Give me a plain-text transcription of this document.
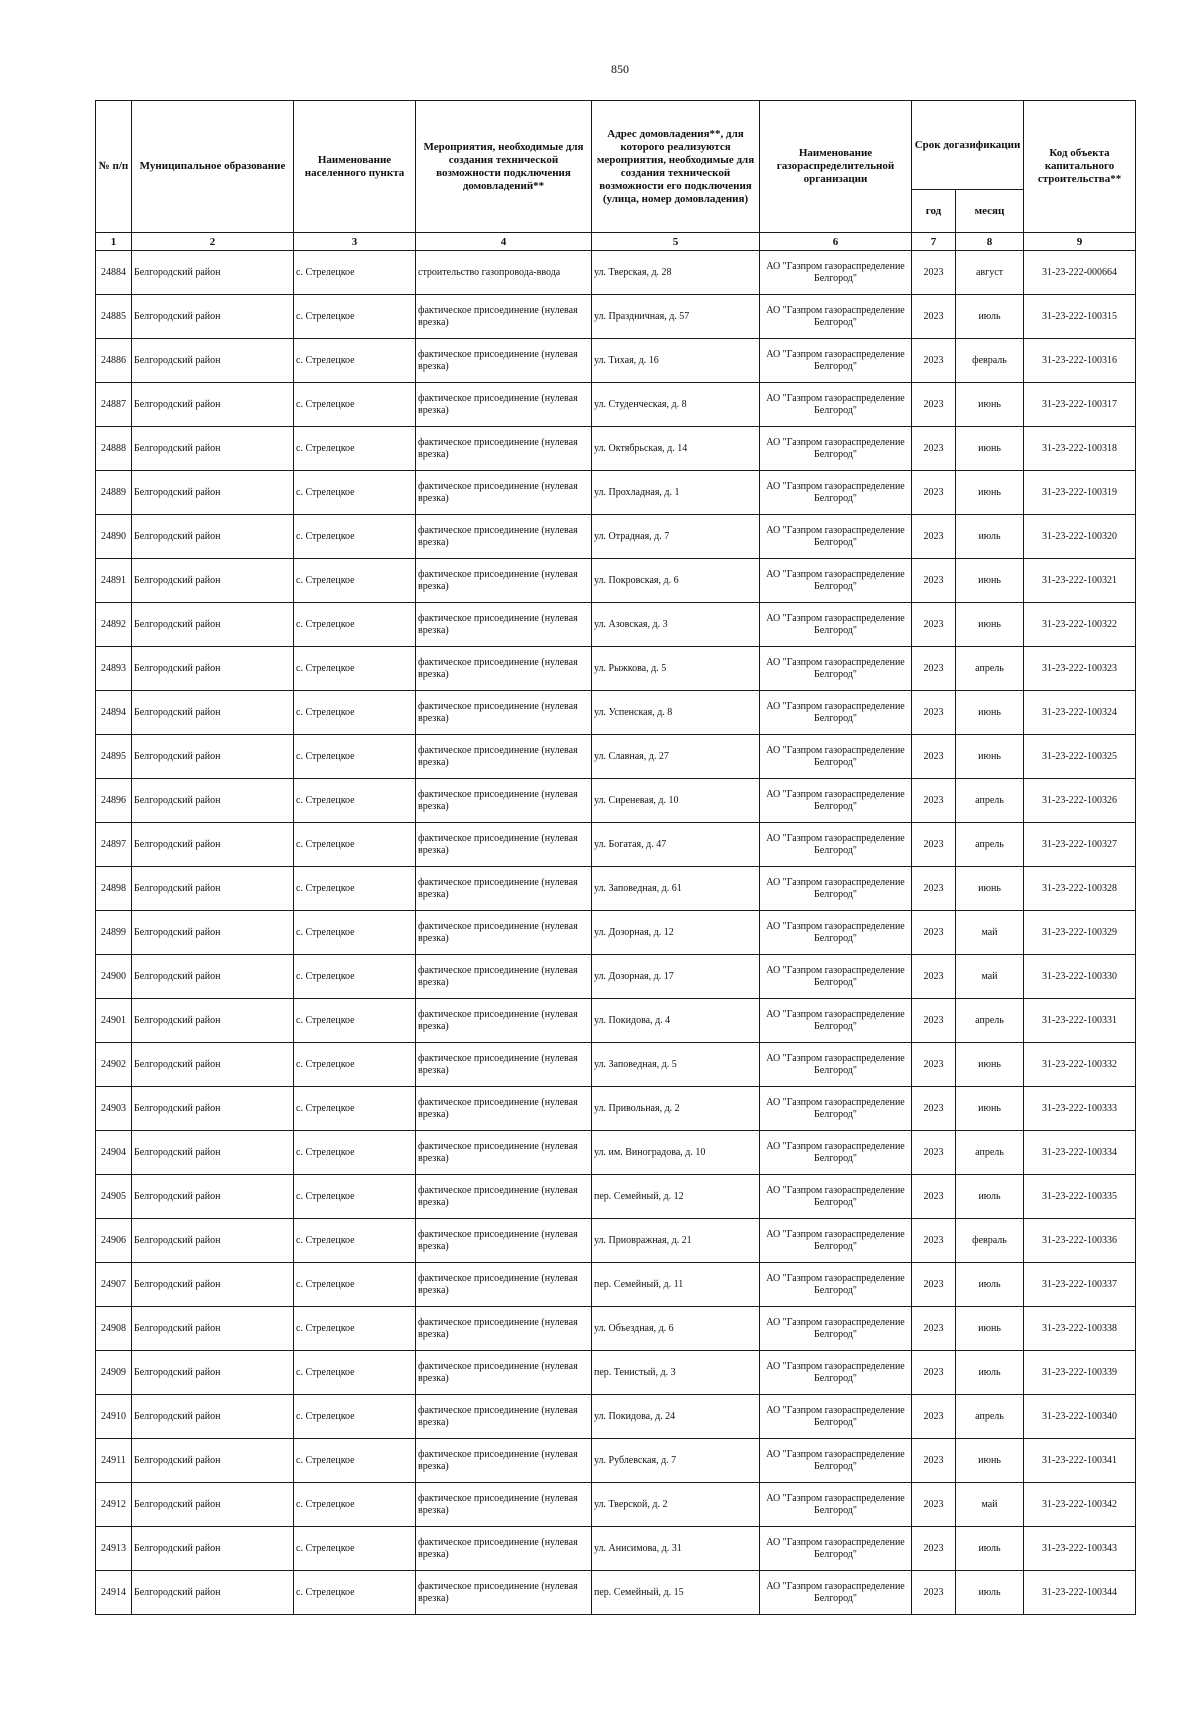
850
№ п/п	Муниципальное образование	Наименование населенного пункта	Мероприятия, необходимые для создания технической возможности подключения домовладений**	Адрес домовладения**, для которого реализуются мероприятия, необходимые для создания технической возможности его подключения (улица, номер домовладения)	Наименование газораспределительной организации	Срок догазификации		Код объекта капитального строительства**
						год	месяц	
1	2	3	4	5	6	7	8	9
24884	Белгородский район	с. Стрелецкое	строительство газопровода-ввода	ул. Тверская, д. 28	АО "Газпром газораспределение Белгород"	2023	август	31-23-222-000664
24885	Белгородский район	с. Стрелецкое	фактическое присоединение (нулевая врезка)	ул. Праздничная, д. 57	АО "Газпром газораспределение Белгород"	2023	июль	31-23-222-100315
24886	Белгородский район	с. Стрелецкое	фактическое присоединение (нулевая врезка)	ул. Тихая, д. 16	АО "Газпром газораспределение Белгород"	2023	февраль	31-23-222-100316
24887	Белгородский район	с. Стрелецкое	фактическое присоединение (нулевая врезка)	ул. Студенческая, д. 8	АО "Газпром газораспределение Белгород"	2023	июнь	31-23-222-100317
24888	Белгородский район	с. Стрелецкое	фактическое присоединение (нулевая врезка)	ул. Октябрьская, д. 14	АО "Газпром газораспределение Белгород"	2023	июнь	31-23-222-100318
24889	Белгородский район	с. Стрелецкое	фактическое присоединение (нулевая врезка)	ул. Прохладная, д. 1	АО "Газпром газораспределение Белгород"	2023	июнь	31-23-222-100319
24890	Белгородский район	с. Стрелецкое	фактическое присоединение (нулевая врезка)	ул. Отрадная, д. 7	АО "Газпром газораспределение Белгород"	2023	июль	31-23-222-100320
24891	Белгородский район	с. Стрелецкое	фактическое присоединение (нулевая врезка)	ул. Покровская, д. 6	АО "Газпром газораспределение Белгород"	2023	июнь	31-23-222-100321
24892	Белгородский район	с. Стрелецкое	фактическое присоединение (нулевая врезка)	ул. Азовская, д. 3	АО "Газпром газораспределение Белгород"	2023	июнь	31-23-222-100322
24893	Белгородский район	с. Стрелецкое	фактическое присоединение (нулевая врезка)	ул. Рыжкова, д. 5	АО "Газпром газораспределение Белгород"	2023	апрель	31-23-222-100323
24894	Белгородский район	с. Стрелецкое	фактическое присоединение (нулевая врезка)	ул. Успенская, д. 8	АО "Газпром газораспределение Белгород"	2023	июнь	31-23-222-100324
24895	Белгородский район	с. Стрелецкое	фактическое присоединение (нулевая врезка)	ул. Славная, д. 27	АО "Газпром газораспределение Белгород"	2023	июнь	31-23-222-100325
24896	Белгородский район	с. Стрелецкое	фактическое присоединение (нулевая врезка)	ул. Сиреневая, д. 10	АО "Газпром газораспределение Белгород"	2023	апрель	31-23-222-100326
24897	Белгородский район	с. Стрелецкое	фактическое присоединение (нулевая врезка)	ул. Богатая, д. 47	АО "Газпром газораспределение Белгород"	2023	апрель	31-23-222-100327
24898	Белгородский район	с. Стрелецкое	фактическое присоединение (нулевая врезка)	ул. Заповедная, д. 61	АО "Газпром газораспределение Белгород"	2023	июнь	31-23-222-100328
24899	Белгородский район	с. Стрелецкое	фактическое присоединение (нулевая врезка)	ул. Дозорная, д. 12	АО "Газпром газораспределение Белгород"	2023	май	31-23-222-100329
24900	Белгородский район	с. Стрелецкое	фактическое присоединение (нулевая врезка)	ул. Дозорная, д. 17	АО "Газпром газораспределение Белгород"	2023	май	31-23-222-100330
24901	Белгородский район	с. Стрелецкое	фактическое присоединение (нулевая врезка)	ул. Покидова, д. 4	АО "Газпром газораспределение Белгород"	2023	апрель	31-23-222-100331
24902	Белгородский район	с. Стрелецкое	фактическое присоединение (нулевая врезка)	ул. Заповедная, д. 5	АО "Газпром газораспределение Белгород"	2023	июнь	31-23-222-100332
24903	Белгородский район	с. Стрелецкое	фактическое присоединение (нулевая врезка)	ул. Привольная, д. 2	АО "Газпром газораспределение Белгород"	2023	июнь	31-23-222-100333
24904	Белгородский район	с. Стрелецкое	фактическое присоединение (нулевая врезка)	ул. им. Виноградова, д. 10	АО "Газпром газораспределение Белгород"	2023	апрель	31-23-222-100334
24905	Белгородский район	с. Стрелецкое	фактическое присоединение (нулевая врезка)	пер. Семейный, д. 12	АО "Газпром газораспределение Белгород"	2023	июль	31-23-222-100335
24906	Белгородский район	с. Стрелецкое	фактическое присоединение (нулевая врезка)	ул. Приовражная, д. 21	АО "Газпром газораспределение Белгород"	2023	февраль	31-23-222-100336
24907	Белгородский район	с. Стрелецкое	фактическое присоединение (нулевая врезка)	пер. Семейный, д. 11	АО "Газпром газораспределение Белгород"	2023	июль	31-23-222-100337
24908	Белгородский район	с. Стрелецкое	фактическое присоединение (нулевая врезка)	ул. Объездная, д. 6	АО "Газпром газораспределение Белгород"	2023	июнь	31-23-222-100338
24909	Белгородский район	с. Стрелецкое	фактическое присоединение (нулевая врезка)	пер. Тенистый, д. 3	АО "Газпром газораспределение Белгород"	2023	июль	31-23-222-100339
24910	Белгородский район	с. Стрелецкое	фактическое присоединение (нулевая врезка)	ул. Покидова, д. 24	АО "Газпром газораспределение Белгород"	2023	апрель	31-23-222-100340
24911	Белгородский район	с. Стрелецкое	фактическое присоединение (нулевая врезка)	ул. Рублевская, д. 7	АО "Газпром газораспределение Белгород"	2023	июнь	31-23-222-100341
24912	Белгородский район	с. Стрелецкое	фактическое присоединение (нулевая врезка)	ул. Тверской, д. 2	АО "Газпром газораспределение Белгород"	2023	май	31-23-222-100342
24913	Белгородский район	с. Стрелецкое	фактическое присоединение (нулевая врезка)	ул. Анисимова, д. 31	АО "Газпром газораспределение Белгород"	2023	июль	31-23-222-100343
24914	Белгородский район	с. Стрелецкое	фактическое присоединение (нулевая врезка)	пер. Семейный, д. 15	АО "Газпром газораспределение Белгород"	2023	июль	31-23-222-100344
